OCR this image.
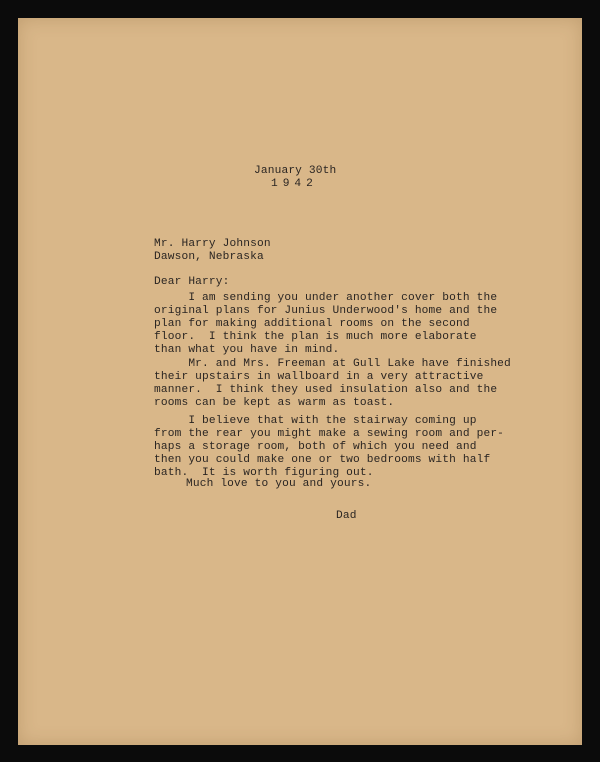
January 30th

1942

Mr. Harry Johnson

Dawson, Nebraska

Dear Harry:

I am sending you under another cover both the
original plans for Junius Underwood's home and the
plan for making additional rooms on the second
floor.  I think the plan is much more elaborate
than what you have in mind.
Mr. and Mrs. Freeman at Gull Lake have finished
their upstairs in wallboard in a very attractive
manner.  I think they used insulation also and the
rooms can be kept as warm as toast.
I believe that with the stairway coming up
from the rear you might make a sewing room and per-
haps a storage room, both of which you need and
then you could make one or two bedrooms with half
bath.  It is worth figuring out.

Much love to you and yours.

Dad
